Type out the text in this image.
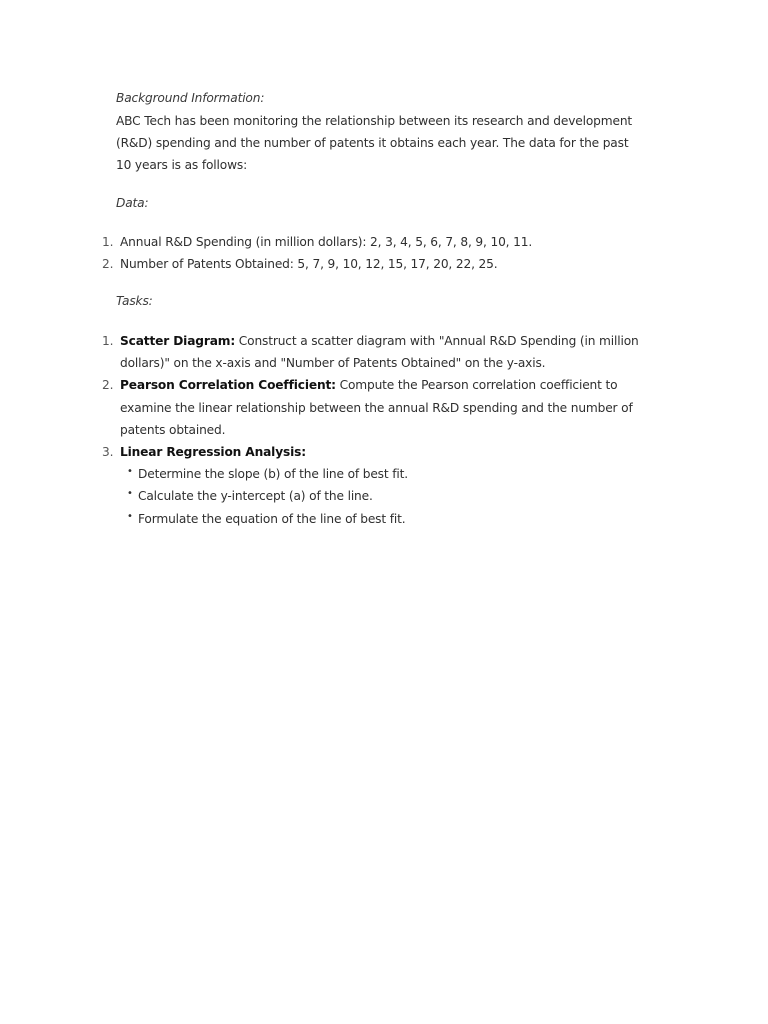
Background Information:
ABC Tech has been monitoring the relationship between its research and development
(R&D) spending and the number of patents it obtains each year. The data for the past
10 years is as follows:
Data:
1. Annual R&D Spending (in million dollars): 2, 3, 4, 5, 6, 7, 8, 9, 10, 11.
2. Number of Patents Obtained: 5, 7, 9, 10, 12, 15, 17, 20, 22, 25.
Tasks:
1. Scatter Diagram: Construct a scatter diagram with "Annual R&D Spending (in million
dollars)" on the x-axis and "Number of Patents Obtained" on the y-axis.
2. Pearson Correlation Coefficient: Compute the Pearson correlation coefficient to
examine the linear relationship between the annual R&D spending and the number of
patents obtained.
3. Linear Regression Analysis:
• Determine the slope (b) of the line of best fit.
• Calculate the y-intercept (a) of the line.
• Formulate the equation of the line of best fit.
